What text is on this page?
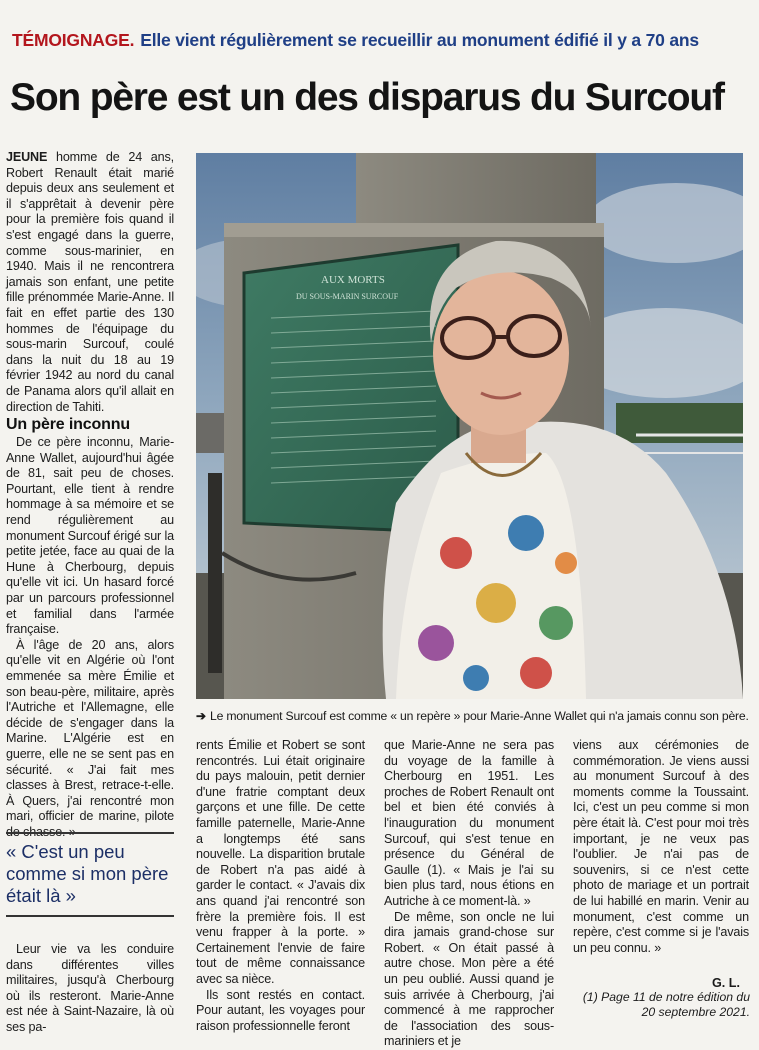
TÉMOIGNAGE. Elle vient régulièrement se recueillir au monument édifié il y a 70 ans
Son père est un des disparus du Surcouf

JEUNE homme de 24 ans, Robert Renault était marié depuis deux ans seulement et il s'apprêtait à devenir père pour la première fois quand il s'est engagé dans la guerre, comme sous-marinier, en 1940. Mais il ne rencontrera jamais son enfant, une petite fille prénommée Marie-Anne. Il fait en effet partie des 130 hommes de l'équipage du sous-marin Surcouf, coulé dans la nuit du 18 au 19 février 1942 au nord du canal de Panama alors qu'il allait en direction de Tahiti.

Un père inconnu

De ce père inconnu, Marie-Anne Wallet, aujourd'hui âgée de 81, sait peu de choses. Pourtant, elle tient à rendre hommage à sa mémoire et se rend régulièrement au monument Surcouf érigé sur la petite jetée, face au quai de la Hune à Cherbourg, depuis qu'elle vit ici. Un hasard forcé par un parcours professionnel et familial dans l'armée française.

À l'âge de 20 ans, alors qu'elle vit en Algérie où l'ont emmenée sa mère Émilie et son beau-père, militaire, après l'Autriche et l'Allemagne, elle décide de s'engager dans la Marine. L'Algérie est en guerre, elle ne se sent pas en sécurité. « J'ai fait mes classes à Brest, retrace-t-elle. À Quers, j'ai rencontré mon mari, officier de marine, pilote de chasse. »

« C'est un peu comme si mon père était là »

Leur vie va les conduire dans différentes villes militaires, jusqu'à Cherbourg où ils resteront. Marie-Anne est née à Saint-Nazaire, là où ses pa-

AUX MORTS
DU SOUS-MARIN SURCOUF
➔ Le monument Surcouf est comme « un repère » pour Marie-Anne Wallet qui n'a jamais connu son père.

rents Émilie et Robert se sont rencontrés. Lui était originaire du pays malouin, petit dernier d'une fratrie comptant deux garçons et une fille. De cette famille paternelle, Marie-Anne a longtemps été sans nouvelle. La disparition brutale de Robert n'a pas aidé à garder le contact. « J'avais dix ans quand j'ai rencontré son frère la première fois. Il est venu frapper à la porte. » Certainement l'envie de faire tout de même connaissance avec sa nièce.

Ils sont restés en contact. Pour autant, les voyages pour raison professionnelle feront

que Marie-Anne ne sera pas du voyage de la famille à Cherbourg en 1951. Les proches de Robert Renault ont bel et bien été conviés à l'inauguration du monument Surcouf, qui s'est tenue en présence du Général de Gaulle (1). « Mais je l'ai su bien plus tard, nous étions en Autriche à ce moment-là. »

De même, son oncle ne lui dira jamais grand-chose sur Robert. « On était passé à autre chose. Mon père a été un peu oublié. Aussi quand je suis arrivée à Cherbourg, j'ai commencé à me rapprocher de l'association des sous-mariniers et je

viens aux cérémonies de commémoration. Je viens aussi au monument Surcouf à des moments comme la Toussaint. Ici, c'est un peu comme si mon père était là. C'est pour moi très important, je ne veux pas l'oublier. Je n'ai pas de souvenirs, si ce n'est cette photo de mariage et un portrait de lui habillé en marin. Venir au monument, c'est comme un repère, c'est comme si je l'avais un peu connu. »

G. L.
(1) Page 11 de notre édition du 20 septembre 2021.
